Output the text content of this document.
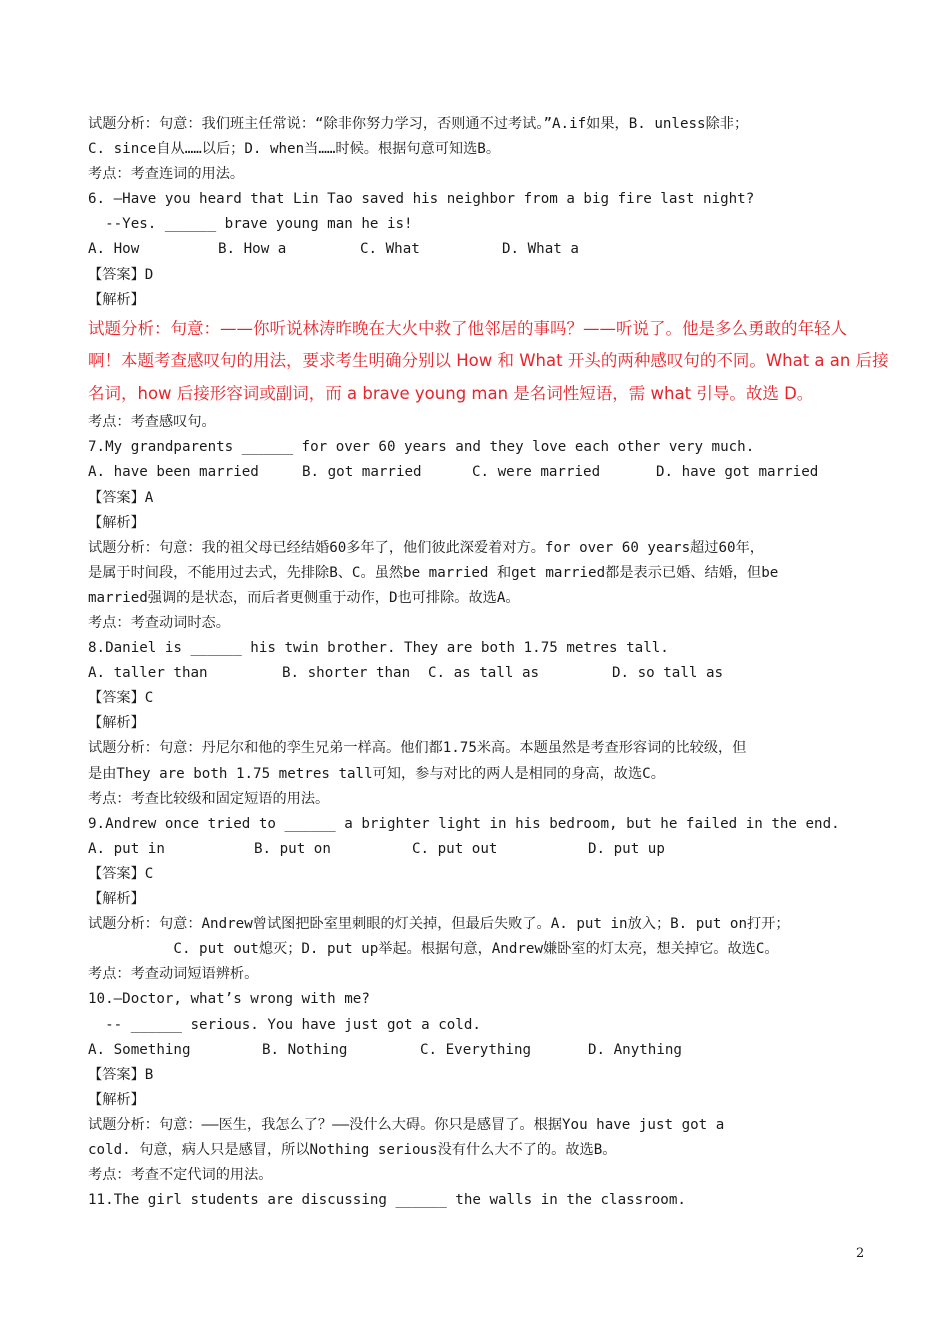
试题分析：句意：我们班主任常说：“除非你努力学习，否则通不过考试。”A.if如果，B. unless除非；
C. since自从……以后；D. when当……时候。根据句意可知选B。
考点：考查连词的用法。
6. –Have you heard that Lin Tao saved his neighbor from a big fire last night?
--Yes. ______ brave young man he is!
A. How	B. How a	C. What	D. What a
【答案】D
【解析】
试题分析：句意：——你听说林涛昨晚在大火中救了他邻居的事吗？——听说了。他是多么勇敢的年轻人
啊！本题考查感叹句的用法，要求考生明确分别以 How 和 What 开头的两种感叹句的不同。What a an 后接
名词，how 后接形容词或副词，而 a brave young man 是名词性短语，需 what 引导。故选 D。
考点：考查感叹句。
7.My grandparents ______ for over 60 years and they love each other very much.
A. have been married	B. got married	C. were married	D. have got married
【答案】A
【解析】
试题分析：句意：我的祖父母已经结婚60多年了，他们彼此深爱着对方。for over 60 years超过60年，
是属于时间段，不能用过去式，先排除B、C。虽然be married 和get married都是表示已婚、结婚，但be
married强调的是状态，而后者更侧重于动作，D也可排除。故选A。
考点：考查动词时态。
8.Daniel is ______ his twin brother. They are both 1.75 metres tall.
A. taller than	B. shorter than C. as tall as	D. so tall as
【答案】C
【解析】
试题分析：句意：丹尼尔和他的孪生兄弟一样高。他们都1.75米高。本题虽然是考查形容词的比较级，但
是由They are both 1.75 metres tall可知，参与对比的两人是相同的身高，故选C。
考点：考查比较级和固定短语的用法。
9.Andrew once tried to ______ a brighter light in his bedroom, but he failed in the end.
A. put in	B. put on	C. put out	D. put up
【答案】C
【解析】
试题分析：句意：Andrew曾试图把卧室里刺眼的灯关掉，但最后失败了。A. put in放入；B. put on打开；
C. put out熄灭；D. put up举起。根据句意，Andrew嫌卧室的灯太亮，想关掉它。故选C。
考点：考查动词短语辨析。
10.–Doctor, what’s wrong with me?
-- ______ serious. You have just got a cold.
A. Something	B. Nothing	C. Everything	D. Anything
【答案】B
【解析】
试题分析：句意：——医生，我怎么了？——没什么大碍。你只是感冒了。根据You have just got a
cold. 句意，病人只是感冒，所以Nothing serious没有什么大不了的。故选B。
考点：考查不定代词的用法。
11.The girl students are discussing ______ the walls in the classroom.
2
